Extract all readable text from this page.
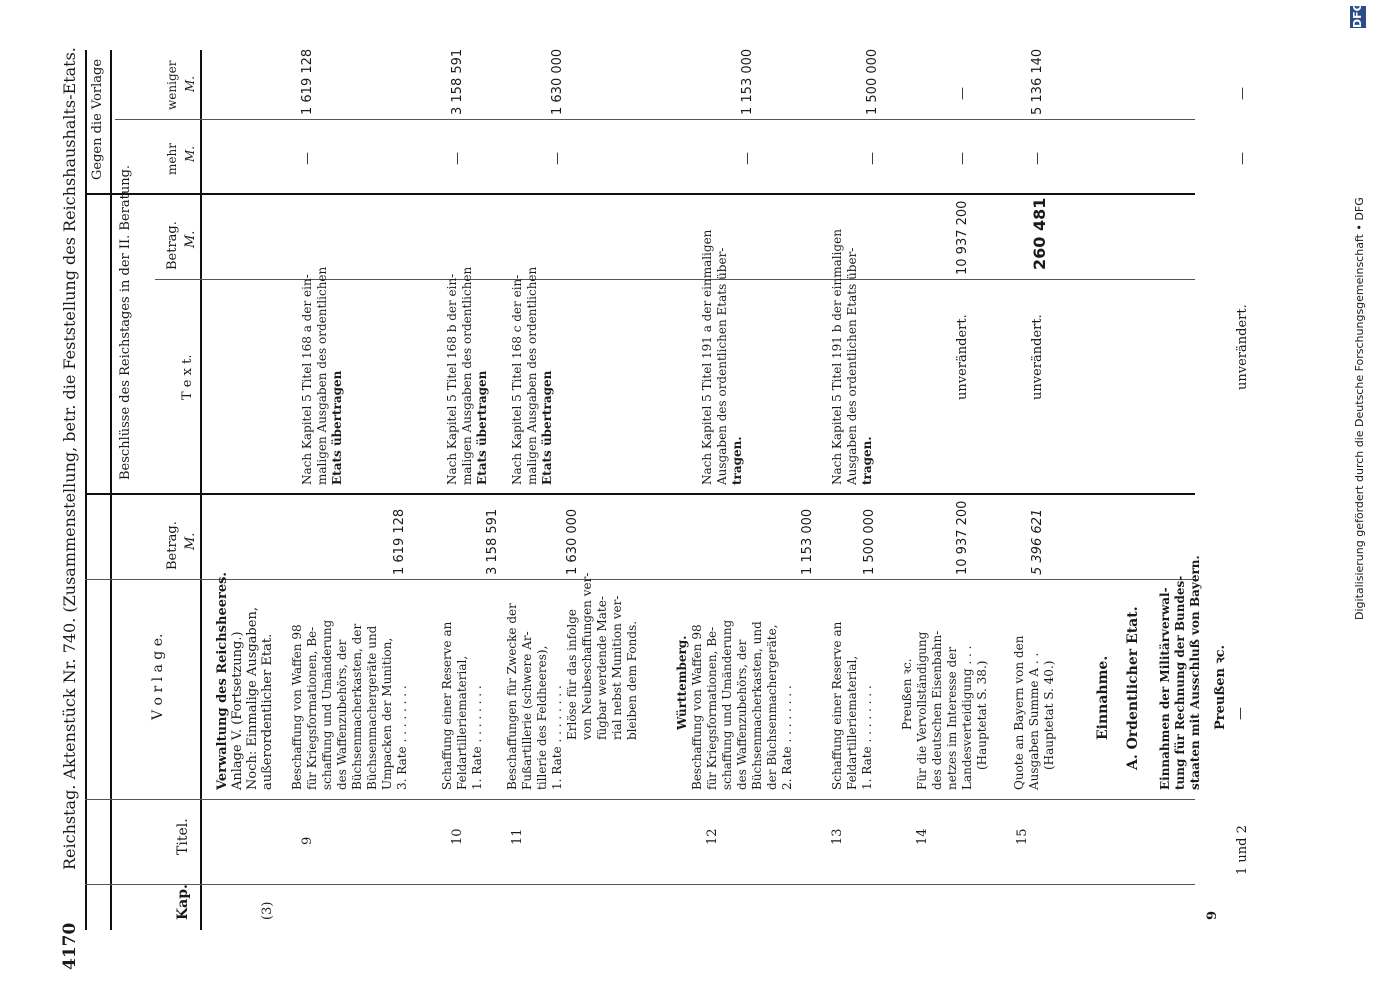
4170
Reichstag. Aktenstück Nr. 740. (Zusammenstellung, betr. die Feststellung des Reichshaushalts-Etats.
Kap.
Titel.
V o r l a g e.
Betrag. M.
Beschlüsse des Reichstages in der II. Beratung.	T e x t.
Betrag. M.
Gegen die Vorlage	mehr M.
weniger M.
(3)
Verwaltung des Reichsheeres. Anlage V. (Fortsetzung.) Noch: Einmalige Ausgaben, außerordentlicher Etat.
9
Beschaffung von Waffen 98 für Kriegsformationen, Be- schaffung und Umänderung des Waffenzubehörs, der Büchsenmacherkasten, der Büchsenmachergeräte und Umpacken der Munition, 3. Rate . . . . . . . .
1 619 128
Nach Kapitel 5 Titel 168 a der ein- maligen Ausgaben des ordentlichen Etats übertragen
—
1 619 128
10
Schaffung einer Reserve an Feldartilleriematerial, 1. Rate . . . . . . . .
3 158 591
Nach Kapitel 5 Titel 168 b der ein- maligen Ausgaben des ordentlichen Etats übertragen
—
3 158 591
11
Beschaffungen für Zwecke der Fußartillerie (schwere Ar- tillerie des Feldheeres), 1. Rate . . . . . . . . Erlöse für das infolge von Neubeschaffungen ver- fügbar werdende Mate- rial nebst Munition ver- bleiben dem Fonds.
1 630 000
Nach Kapitel 5 Titel 168 c der ein- maligen Ausgaben des ordentlichen Etats übertragen
—
1 630 000
12
Württemberg. Beschaffung von Waffen 98 für Kriegsformationen, Be- schaffung und Umänderung des Waffenzubehörs, der Büchsenmacherkasten, und der Büchsenmachergeräte, 2. Rate . . . . . . . .
1 153 000
Nach Kapitel 5 Titel 191 a der einmaligen Ausgaben des ordentlichen Etats über- tragen.
—
1 153 000
13
Schaffung einer Reserve an Feldartilleriematerial, 1. Rate . . . . . . . .
1 500 000
Nach Kapitel 5 Titel 191 b der einmaligen Ausgaben des ordentlichen Etats über- tragen.
—
1 500 000
14
Preußen ꝛc. Für die Vervollständigung des deutschen Eisenbahn- netzes im Interesse der Landesverteidigung . . . (Hauptetat S. 38.)
10 937 200
unverändert.
10 937 200
—
—
15
Quote an Bayern von den Ausgaben Summe A . . (Hauptetat S. 40.)
5 396 621
unverändert.
260 481
—
5 136 140
Einnahme. A. Ordentlicher Etat. Einnahmen der Militärverwal- tung für Rechnung der Bundes- staaten mit Ausschluß von Bayern. Preußen ꝛc. —
9
1 und 2
unverändert.
—
—
Digitalisierung gefördert durch die Deutsche Forschungsgemeinschaft • DFG
DFG
